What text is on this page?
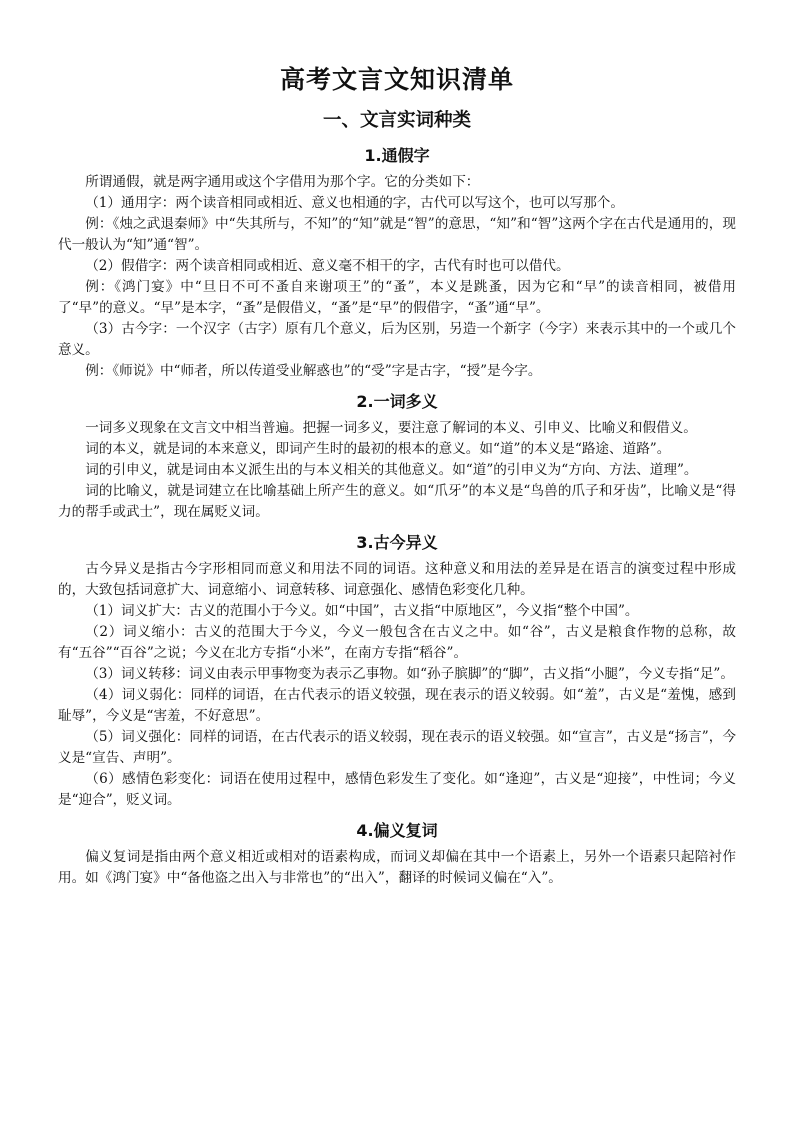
高考文言文知识清单
一、文言实词种类
1.通假字

所谓通假，就是两字通用或这个字借用为那个字。它的分类如下：

（1）通用字：两个读音相同或相近、意义也相通的字，古代可以写这个，也可以写那个。

例：《烛之武退秦师》中“失其所与，不知”的“知”就是“智”的意思，“知”和“智”这两个字在古代是通用的，现代一般认为“知”通“智”。

（2）假借字：两个读音相同或相近、意义毫不相干的字，古代有时也可以借代。

例：《鸿门宴》中“旦日不可不蚤自来谢项王”的“蚤”，本义是跳蚤，因为它和“早”的读音相同，被借用了“早”的意义。“早”是本字，“蚤”是假借义，“蚤”是“早”的假借字，“蚤”通“早”。

（3）古今字：一个汉字（古字）原有几个意义，后为区别，另造一个新字（今字）来表示其中的一个或几个意义。

例：《师说》中“师者，所以传道受业解惑也”的“受”字是古字，“授”是今字。

2.一词多义

一词多义现象在文言文中相当普遍。把握一词多义，要注意了解词的本义、引申义、比喻义和假借义。

词的本义，就是词的本来意义，即词产生时的最初的根本的意义。如“道”的本义是“路途、道路”。

词的引申义，就是词由本义派生出的与本义相关的其他意义。如“道”的引申义为“方向、方法、道理”。

词的比喻义，就是词建立在比喻基础上所产生的意义。如“爪牙”的本义是“鸟兽的爪子和牙齿”，比喻义是“得力的帮手或武士”，现在属贬义词。

3.古今异义

古今异义是指古今字形相同而意义和用法不同的词语。这种意义和用法的差异是在语言的演变过程中形成的，大致包括词意扩大、词意缩小、词意转移、词意强化、感情色彩变化几种。

（1）词义扩大：古义的范围小于今义。如“中国”，古义指“中原地区”，今义指“整个中国”。

（2）词义缩小：古义的范围大于今义，今义一般包含在古义之中。如“谷”，古义是粮食作物的总称，故有“五谷”“百谷”之说；今义在北方专指“小米”，在南方专指“稻谷”。

（3）词义转移：词义由表示甲事物变为表示乙事物。如“孙子膑脚”的“脚”，古义指“小腿”，今义专指“足”。

（4）词义弱化：同样的词语，在古代表示的语义较强，现在表示的语义较弱。如“羞”，古义是“羞愧，感到耻辱”，今义是“害羞，不好意思”。

（5）词义强化：同样的词语，在古代表示的语义较弱，现在表示的语义较强。如“宣言”，古义是“扬言”，今义是“宣告、声明”。

（6）感情色彩变化：词语在使用过程中，感情色彩发生了变化。如“逢迎”，古义是“迎接”，中性词；今义是“迎合”，贬义词。

4.偏义复词

偏义复词是指由两个意义相近或相对的语素构成，而词义却偏在其中一个语素上，另外一个语素只起陪衬作用。如《鸿门宴》中“备他盗之出入与非常也”的“出入”，翻译的时候词义偏在“入”。
